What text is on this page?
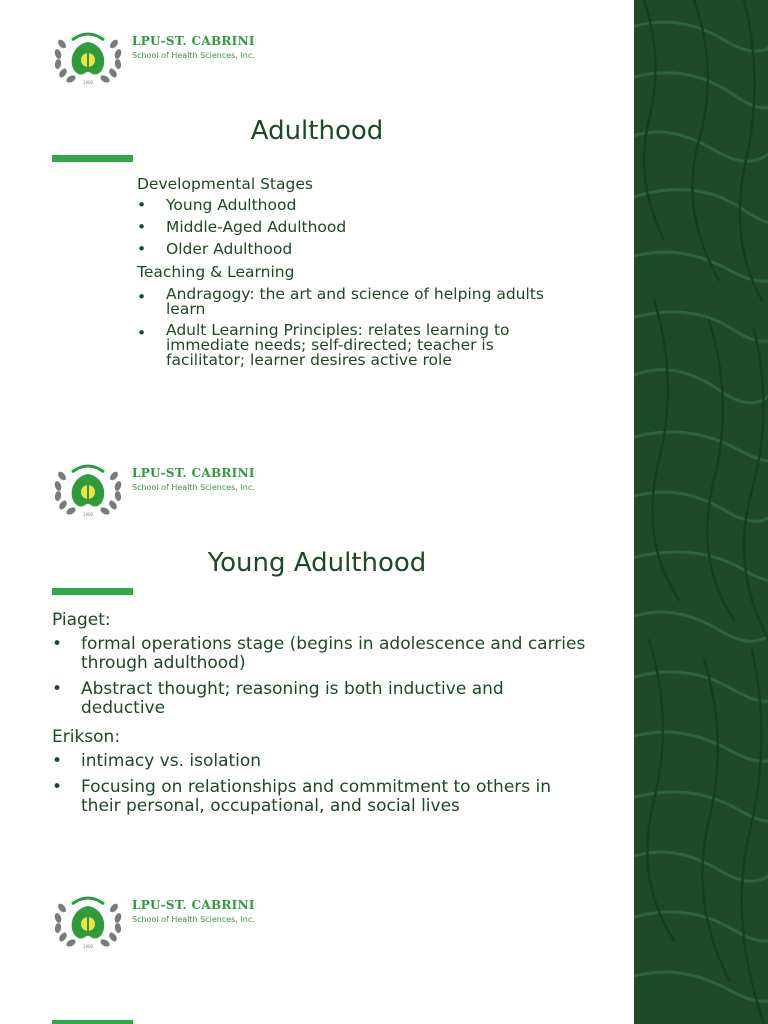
1900
LPU-ST. CABRINI
School of Health Sciences, Inc.
Adulthood
Developmental Stages
• Young Adulthood
• Middle-Aged Adulthood
• Older Adulthood
Teaching & Learning
• Andragogy: the art and science of helping adults learn
• Adult Learning Principles: relates learning to immediate needs; self-directed; teacher is facilitator; learner desires active role
1900
LPU-ST. CABRINI
School of Health Sciences, Inc.
Young Adulthood
Piaget:
• formal operations stage (begins in adolescence and carries through adulthood)
• Abstract thought; reasoning is both inductive and deductive
Erikson:
• intimacy vs. isolation
• Focusing on relationships and commitment to others in their personal, occupational, and social lives
1900
LPU-ST. CABRINI
School of Health Sciences, Inc.
